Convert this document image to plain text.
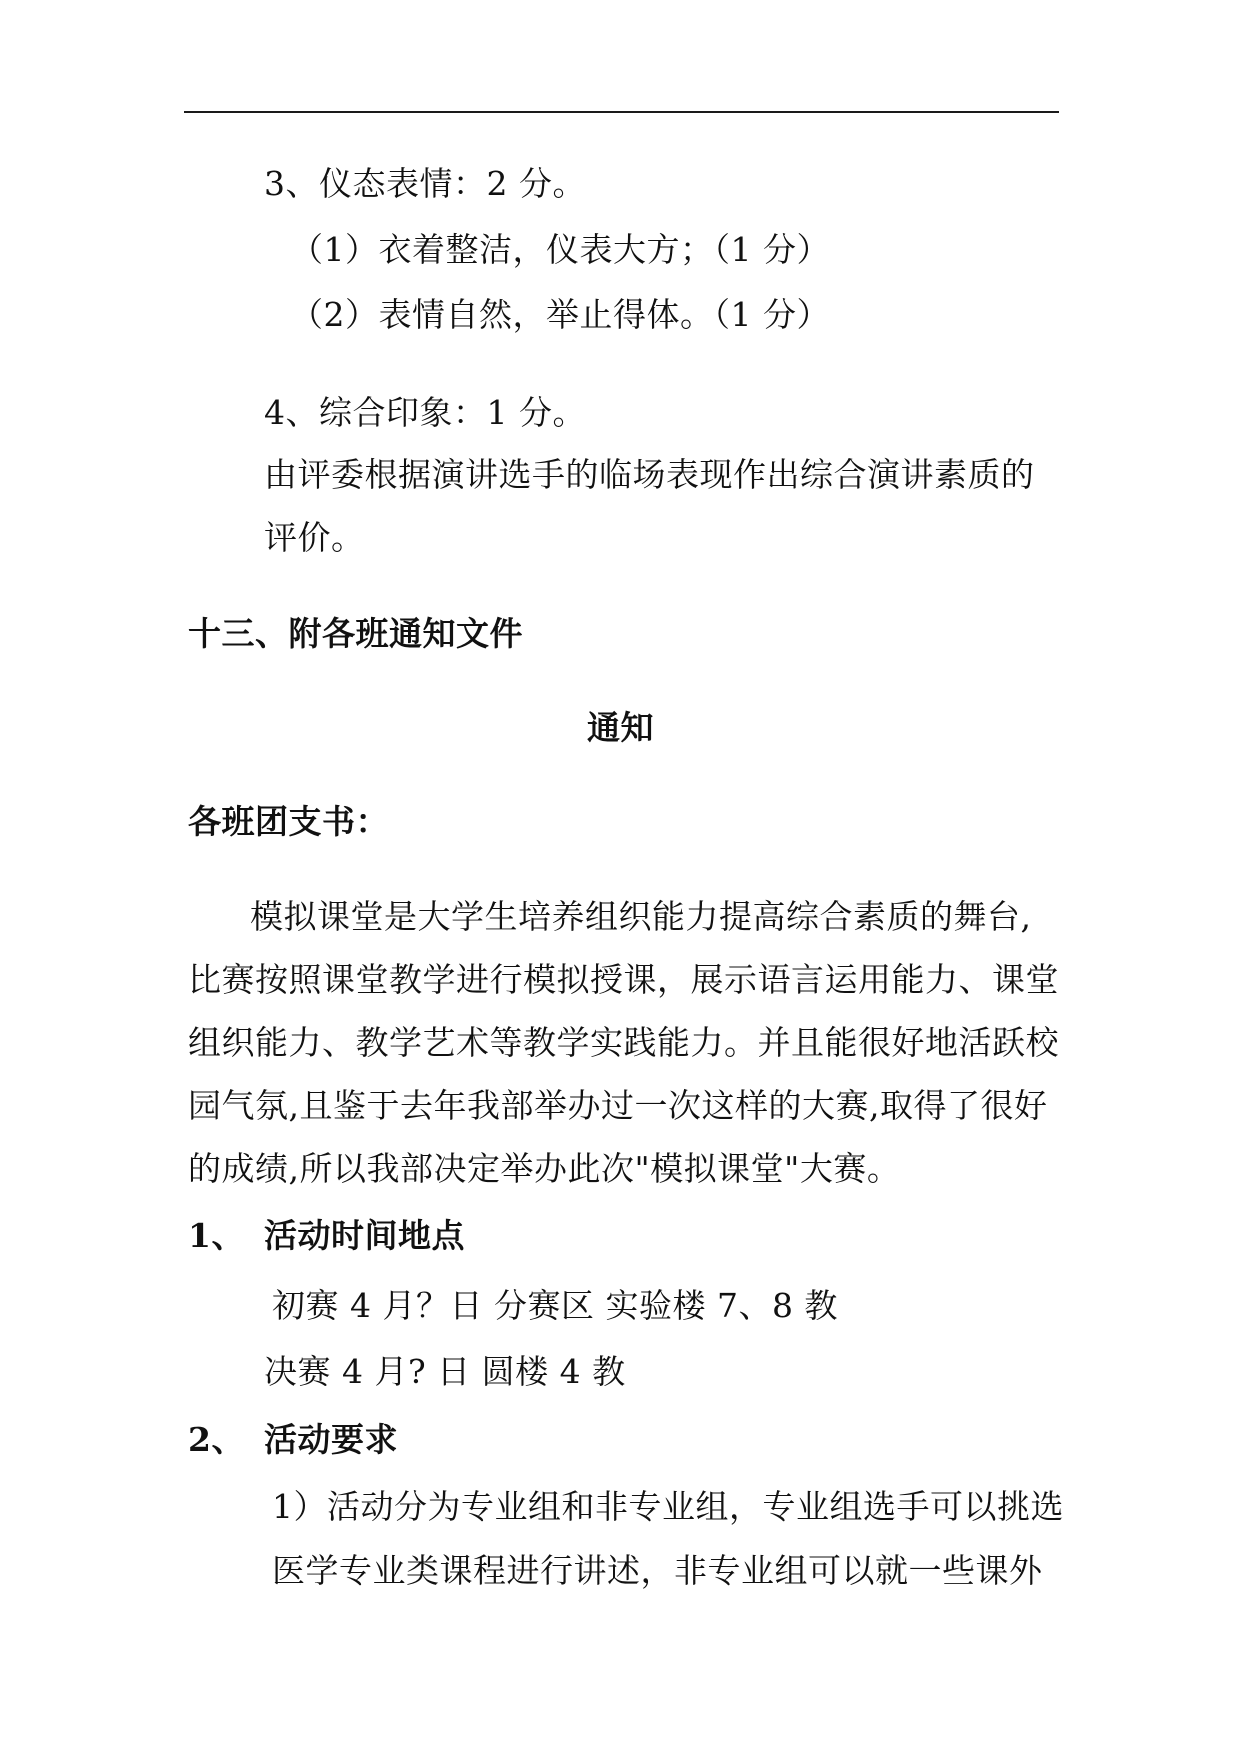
3、仪态表情：2 分。
（1）衣着整洁，仪表大方；（1 分）
（2）表情自然，举止得体。（1 分）
4、综合印象：1 分。
由评委根据演讲选手的临场表现作出综合演讲素质的
评价。
十三、附各班通知文件
通知
各班团支书：
模拟课堂是大学生培养组织能力提高综合素质的舞台,
比赛按照课堂教学进行模拟授课，展示语言运用能力、课堂
组织能力、教学艺术等教学实践能力。并且能很好地活跃校
园气氛,且鉴于去年我部举办过一次这样的大赛,取得了很好
的成绩,所以我部决定举办此次"模拟课堂"大赛。
1、 活动时间地点
初赛 4 月？日 分赛区 实验楼 7、8 教
决赛 4 月? 日 圆楼 4 教
2、 活动要求
1）活动分为专业组和非专业组，专业组选手可以挑选
医学专业类课程进行讲述，非专业组可以就一些课外
